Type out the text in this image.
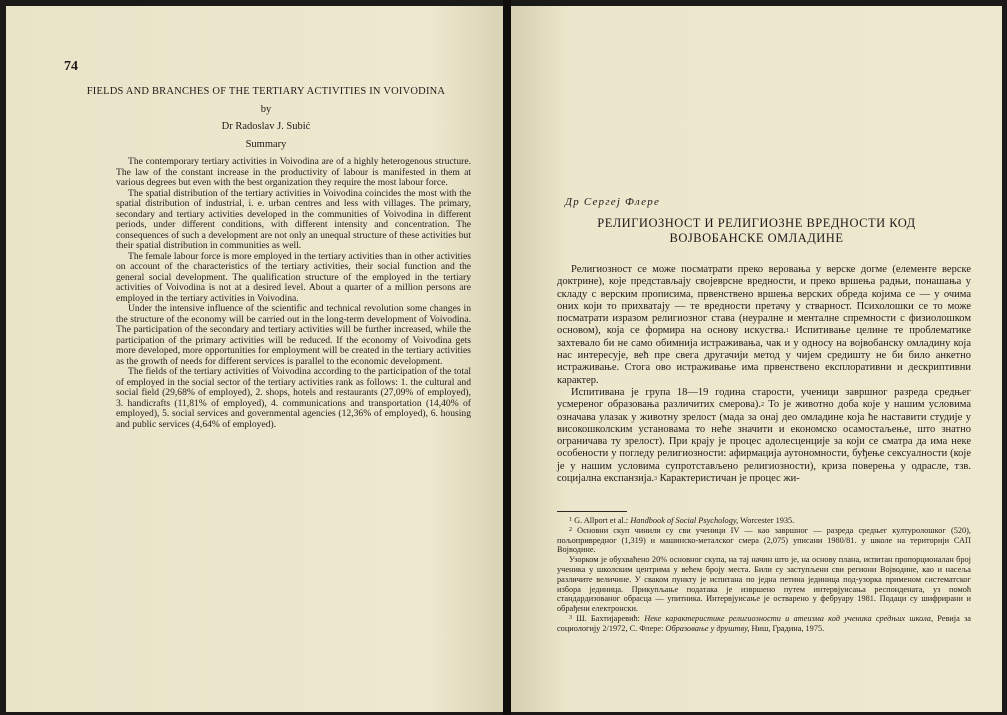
74
FIELDS AND BRANCHES OF THE TERTIARY ACTIVITIES IN VOIVODINA
by
Dr Radoslav J. Subić
Summary

The contemporary tertiary activities in Voivodina are of a highly heterogenous structure. The law of the constant increase in the productivity of labour is manifested in them at various degrees but even with the best organization they require the most labour force.

The spatial distribution of the tertiary activities in Voivodina coincides the most with the spatial distribution of industrial, i. e. urban centres and less with villages. The primary, secondary and tertiary activities developed in the communities of Voivodina in different periods, under different conditions, with different intensity and concentration. The consequences of such a development are not only an unequal structure of these activities but their spatial distribution in communities as well.

The female labour force is more employed in the tertiary activities than in other activities on account of the characteristics of the tertiary activities, their social function and the general social development. The qualification structure of the employed in the tertiary activities of Voivodina is not at a desired level. About a quarter of a million persons are employed in the tertiary activities in Voivodina.

Under the intensive influence of the scientific and technical revolution some changes in the structure of the economy will be carried out in the long-term development of Voivodina. The participation of the secondary and tertiary activities will be further increased, while the participation of the primary activities will be reduced. If the economy of Voivodina gets more developed, more opportunities for employment will be created in the tertiary activities as the growth of needs for different services is parallel to the economic development.

The fields of the tertiary activities of Voivodina according to the participation of the total of employed in the social sector of the tertiary activities rank as follows: 1. the cultural and social field (29,68% of employed), 2. shops, hotels and restaurants (27,09% of employed), 3. handicrafts (11,81% of employed), 4. communications and transportation (14,40% of employed), 5. social services and governmental agencies (12,36% of employed), 6. housing and public services (4,64% of employed).

Др Сергеј Флере
РЕЛИГИОЗНОСТ И РЕЛИГИОЗНЕ ВРЕДНОСТИ КОД
ВОЈВОБАНСКЕ ОМЛАДИНЕ

Религиозност се може посматрати преко веровања у верске догме (елементе верске доктрине), које представљају својеврсне вредности, и преко вршења радњи, понашања у складу с верским прописима, првенствено вршења верских обреда којима се — у очима оних који то прихватају — те вредности претачу у стварност. Психолошки се то може посматрати изразом религиозног става (неуралне и менталне спремности с физиолошком основом), која се формира на основу искуства.$^1$ Испитивање целине те проблематике захтевало би не само обимнија истраживања, чак и у односу на војвобанску омладину која нас интересује, већ пре свега другачији метод у чијем средишту не би било анкетно истраживање. Стога ово истраживање има првенствено експлоративни и дескриптивни карактер.

Испитивана је група 18—19 година старости, ученици завршног разреда средњег усмереног образовања различитих смерова).$^2$ То је животно доба које у нашим условима означава улазак у животну зрелост (мада за онај део омладине која ће наставити студије у високошколским установама то неће значити и економско осамостаљење, што знатно ограничава ту зрелост). При крају је процес адолесценције за који се сматра да има неке особености у погледу религиозности: афирмација аутономности, буђење сексуалности (које је у нашим условима супротстављено религиозности), криза поверења у одрасле, тзв. социјална експанзија.$^3$ Карактеристичан је процес жи-

$^1$ G. Allport et al.: Handbook of Social Psychology, Worcester 1935.

$^2$ Основни скуп чинили су сви ученици IV — као завршног — разреда средњег културолошког (520), пољопривредног (1,319) и машинско-металског смера (2,075) уписани 1980/81. у школе на територији САП Војводине.

Узорком је обухваћено 20% основног скупа, на тај начин што је, на основу плана, испитан пропорционалан број ученика у школским центрима у већем броју места. Били су заступљени сви региони Војводине, као и насеља различите величине. У сваком пункту је испитана по једна петина јединица под-узорка применом систематског избора јединица. Прикупљање података је извршено путем интервјуисања респондената, уз помоћ стандардизованог обрасца — упитника. Интервјуисање је остварено у фебруару 1981. Подаци су шифрирани и обрађени електронски.

$^3$ Ш. Бахтијаревић: Неке карактеристике религиозности и атеизма код ученика средњих школа, Ревија за социологију 2/1972, С. Флере: Образовање у друштву, Ниш, Градина, 1975.
